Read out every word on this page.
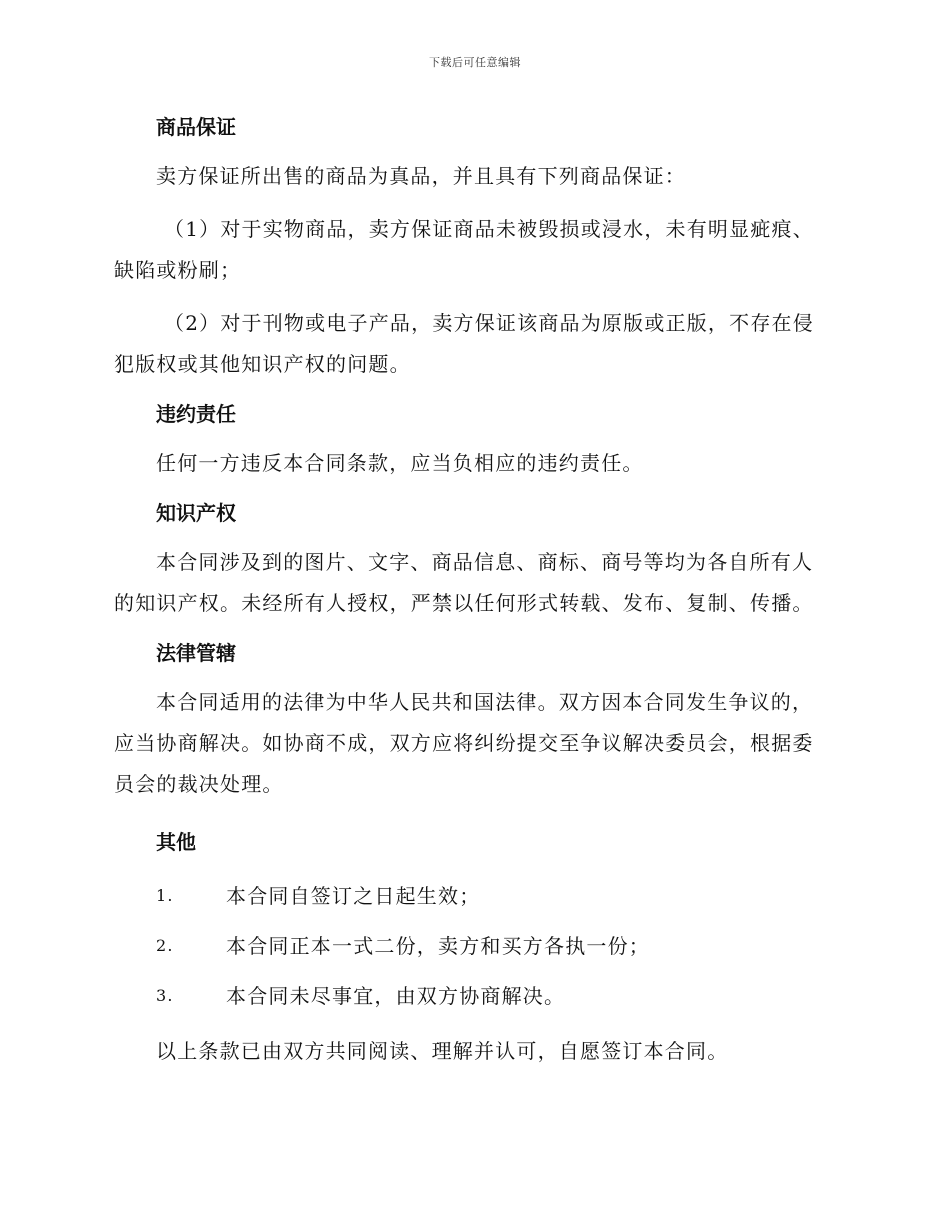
下载后可任意编辑
商品保证

卖方保证所出售的商品为真品，并且具有下列商品保证：

（1）对于实物商品，卖方保证商品未被毁损或浸水，未有明显疵痕、缺陷或粉刷；

（2）对于刊物或电子产品，卖方保证该商品为原版或正版，不存在侵犯版权或其他知识产权的问题。

违约责任

任何一方违反本合同条款，应当负相应的违约责任。

知识产权

本合同涉及到的图片、文字、商品信息、商标、商号等均为各自所有人的知识产权。未经所有人授权，严禁以任何形式转载、发布、复制、传播。

法律管辖

本合同适用的法律为中华人民共和国法律。双方因本合同发生争议的，应当协商解决。如协商不成，双方应将纠纷提交至争议解决委员会，根据委员会的裁决处理。

其他
1.	本合同自签订之日起生效；
2.	本合同正本一式二份，卖方和买方各执一份；
3.	本合同未尽事宜，由双方协商解决。

以上条款已由双方共同阅读、理解并认可，自愿签订本合同。
